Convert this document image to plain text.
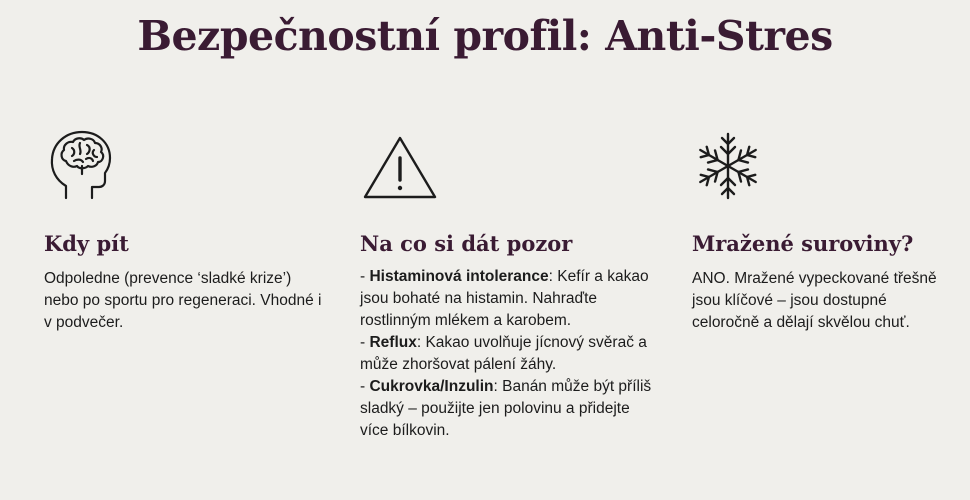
Bezpečnostní profil: Anti-Stres
Kdy pít
Odpoledne (prevence ‘sladké krize’) nebo po sportu pro regeneraci. Vhodné i v podvečer.
Na co si dát pozor
- Histaminová intolerance: Kefír a kakao jsou bohaté na histamin. Nahraďte rostlinným mlékem a karobem.
- Reflux: Kakao uvolňuje jícnový svěrač a může zhoršovat pálení žáhy.
- Cukrovka/Inzulin: Banán může být příliš sladký – použijte jen polovinu a přidejte více bílkovin.
Mražené suroviny?
ANO. Mražené vypeckované třešně jsou klíčové – jsou dostupné celoročně a dělají skvělou chuť.
